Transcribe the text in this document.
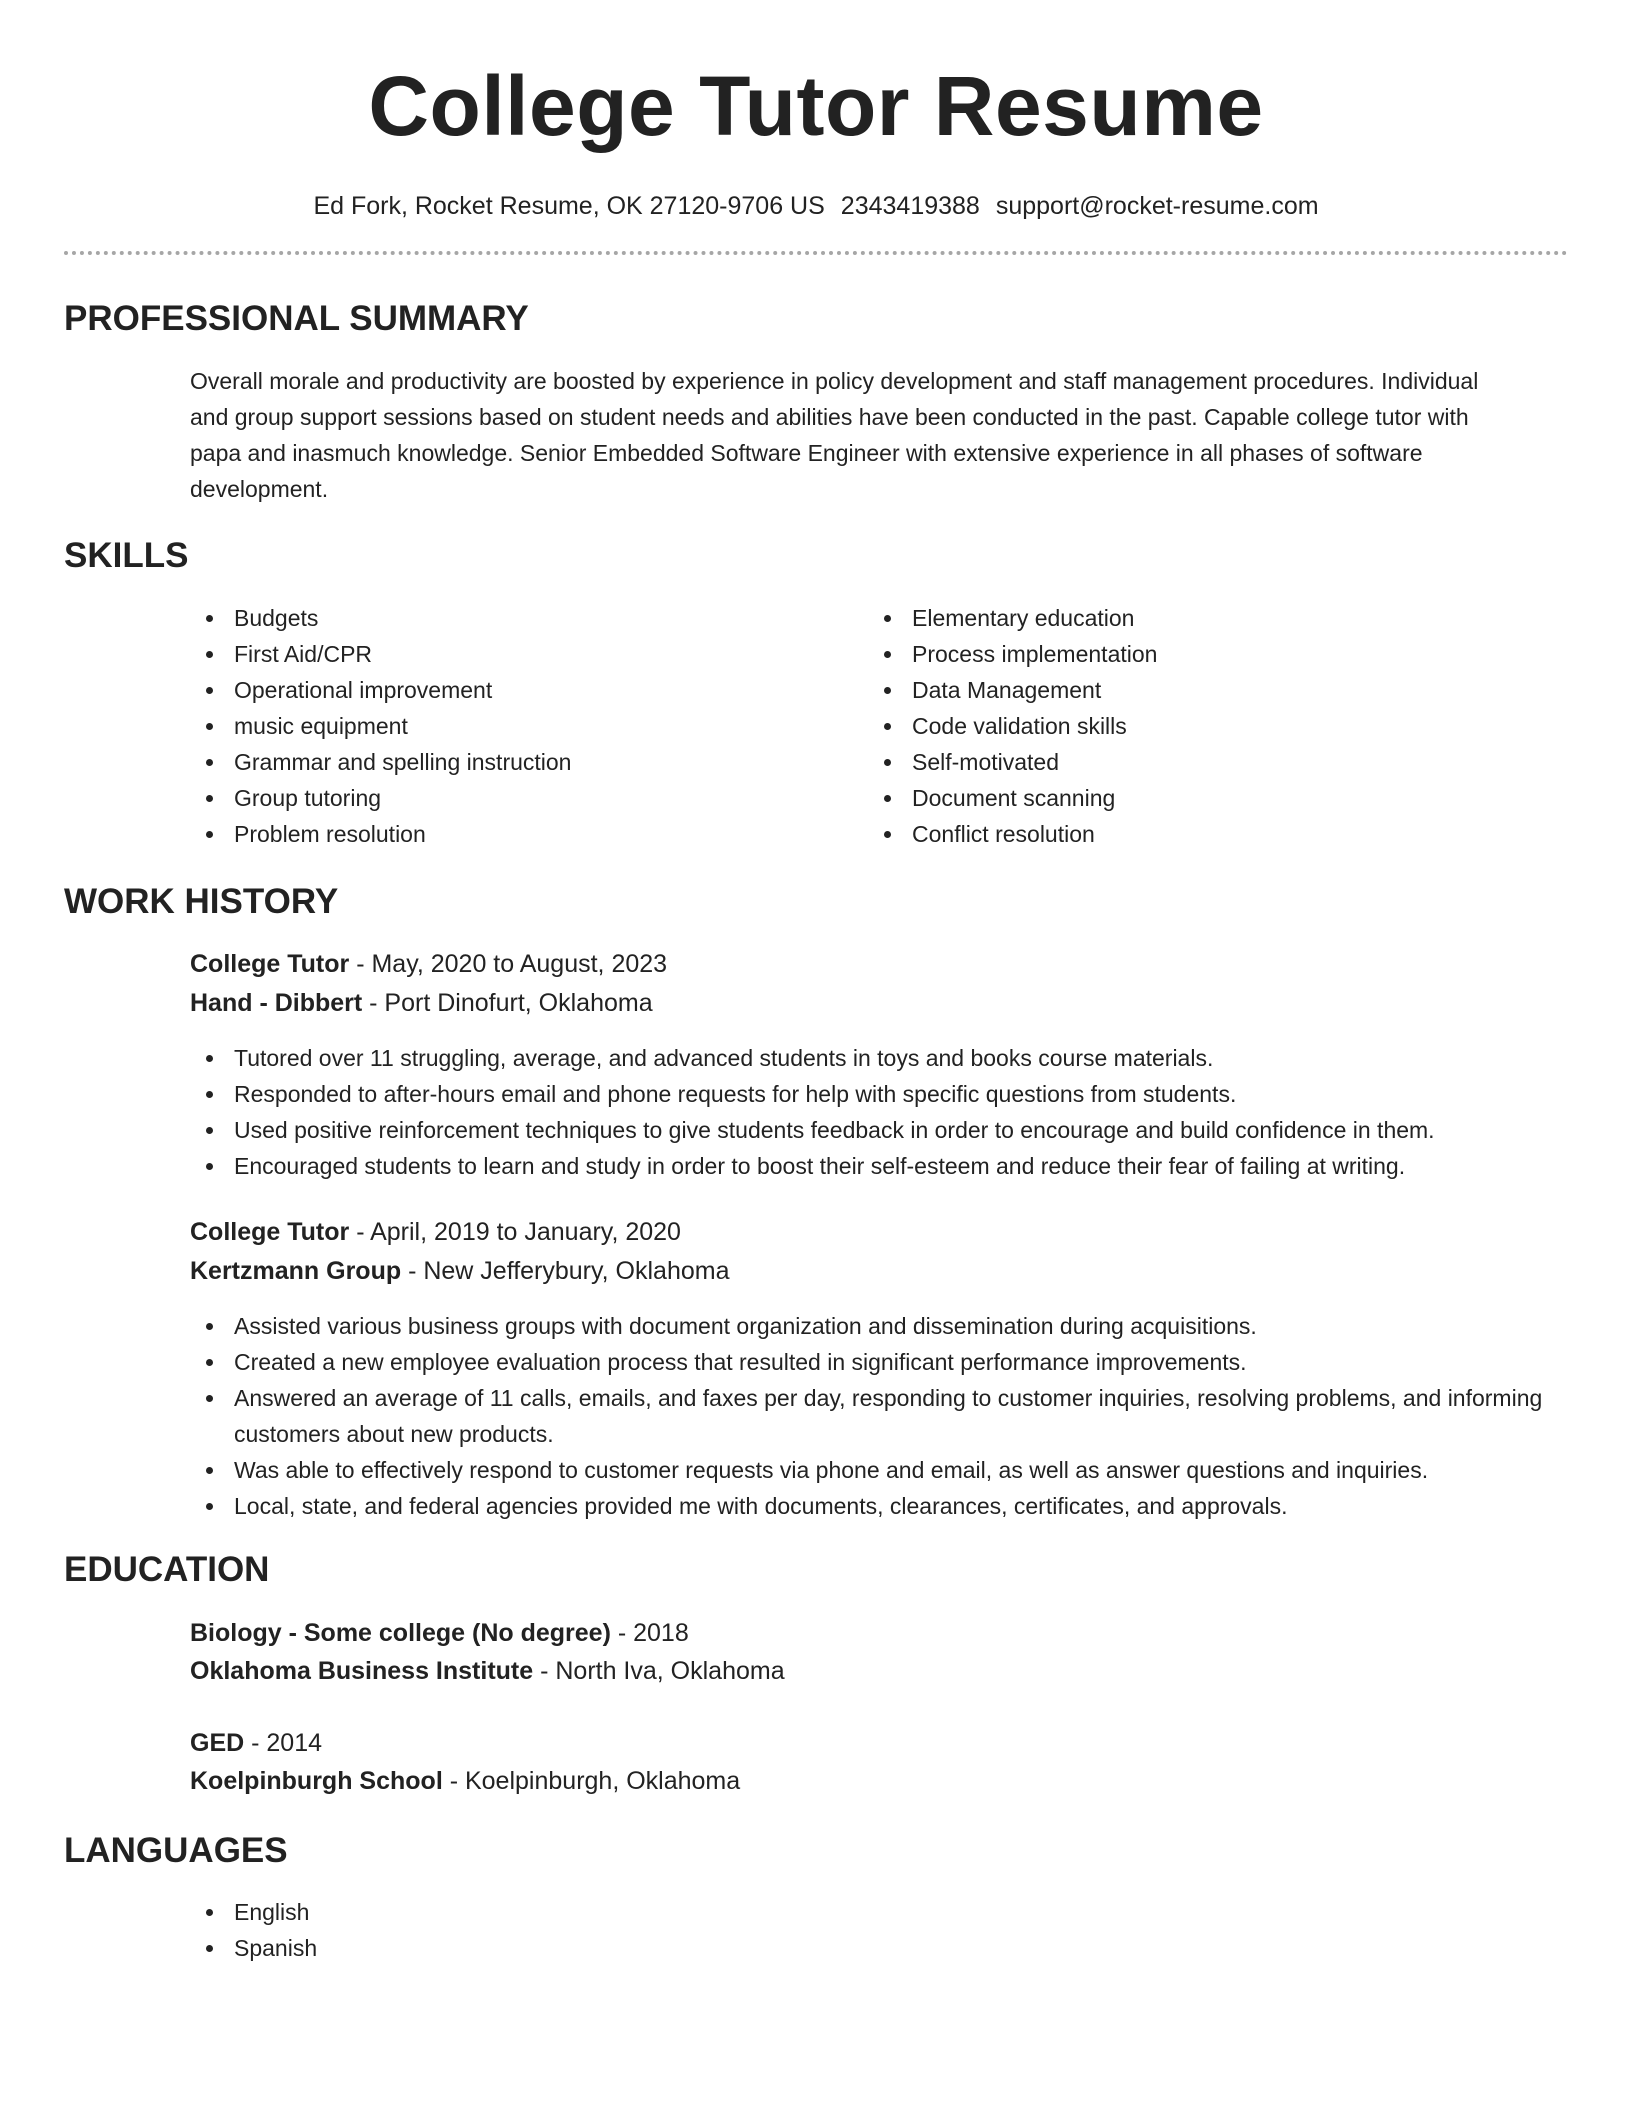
College Tutor Resume
Ed Fork, Rocket Resume, OK 27120-9706 US 2343419388 support@rocket-resume.com
PROFESSIONAL SUMMARY

Overall morale and productivity are boosted by experience in policy development and staff management procedures. Individual and group support sessions based on student needs and abilities have been conducted in the past. Capable college tutor with papa and inasmuch knowledge. Senior Embedded Software Engineer with extensive experience in all phases of software development.

SKILLS
Budgets
First Aid/CPR
Operational improvement
music equipment
Grammar and spelling instruction
Group tutoring
Problem resolution
Elementary education
Process implementation
Data Management
Code validation skills
Self-motivated
Document scanning
Conflict resolution
WORK HISTORY
College Tutor - May, 2020 to August, 2023
Hand - Dibbert - Port Dinofurt, Oklahoma
Tutored over 11 struggling, average, and advanced students in toys and books course materials.
Responded to after-hours email and phone requests for help with specific questions from students.
Used positive reinforcement techniques to give students feedback in order to encourage and build confidence in them.
Encouraged students to learn and study in order to boost their self-esteem and reduce their fear of failing at writing.
College Tutor - April, 2019 to January, 2020
Kertzmann Group - New Jefferybury, Oklahoma
Assisted various business groups with document organization and dissemination during acquisitions.
Created a new employee evaluation process that resulted in significant performance improvements.
Answered an average of 11 calls, emails, and faxes per day, responding to customer inquiries, resolving problems, and informing customers about new products.
Was able to effectively respond to customer requests via phone and email, as well as answer questions and inquiries.
Local, state, and federal agencies provided me with documents, clearances, certificates, and approvals.
EDUCATION
Biology - Some college (No degree) - 2018
Oklahoma Business Institute - North Iva, Oklahoma
GED - 2014
Koelpinburgh School - Koelpinburgh, Oklahoma
LANGUAGES
English
Spanish
